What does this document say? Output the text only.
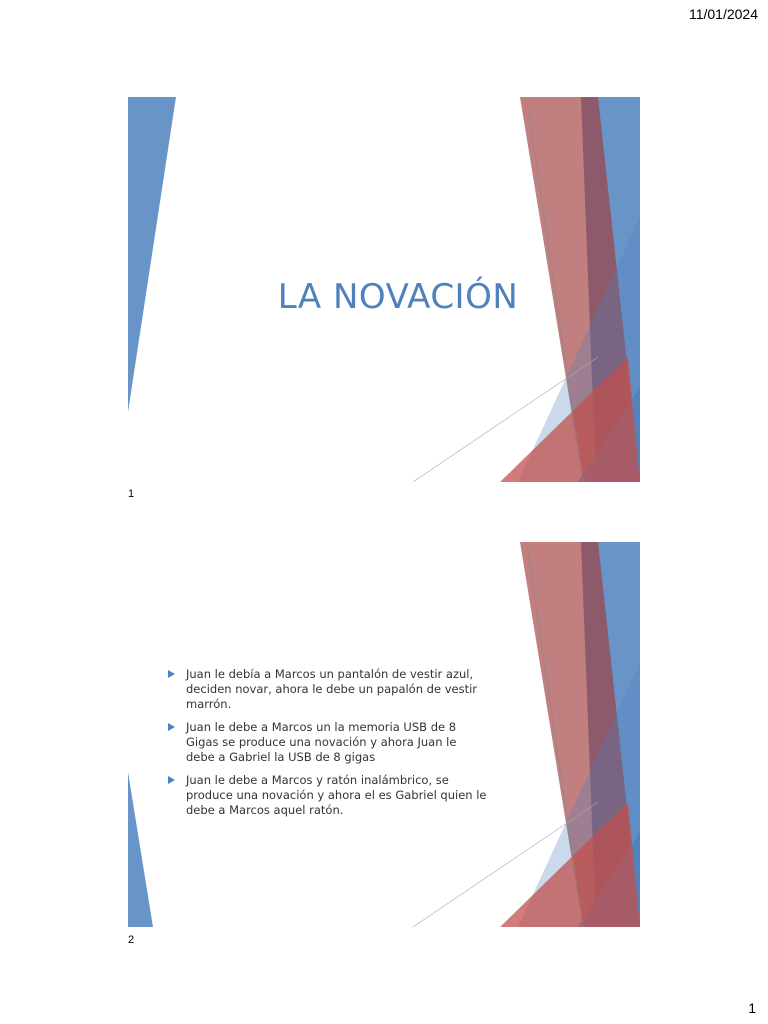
11/01/2024
LA NOVACIÓN
1
Juan le debía a Marcos un pantalón de vestir azul, deciden novar, ahora le debe un papalón de vestir marrón.
Juan le debe a Marcos un la memoria USB de 8 Gigas se produce una novación y ahora Juan le debe a Gabriel la USB de 8 gigas
Juan le debe a Marcos y ratón inalámbrico, se produce una novación y ahora el es Gabriel quien le debe a Marcos aquel ratón.
2
1
